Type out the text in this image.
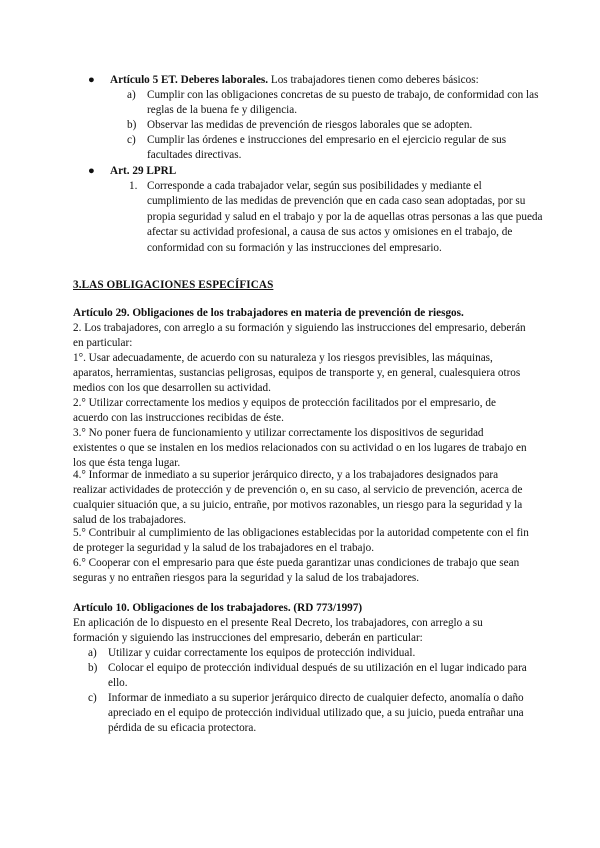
●	Artículo 5 ET. Deberes laborales. Los trabajadores tienen como deberes básicos:
a) Cumplir con las obligaciones concretas de su puesto de trabajo, de conformidad con las reglas de la buena fe y diligencia.
b) Observar las medidas de prevención de riesgos laborales que se adopten.
c) Cumplir las órdenes e instrucciones del empresario en el ejercicio regular de sus facultades directivas.
●	Art. 29 LPRL
1. Corresponde a cada trabajador velar, según sus posibilidades y mediante el cumplimiento de las medidas de prevención que en cada caso sean adoptadas, por su propia seguridad y salud en el trabajo y por la de aquellas otras personas a las que pueda afectar su actividad profesional, a causa de sus actos y omisiones en el trabajo, de conformidad con su formación y las instrucciones del empresario.
3.LAS OBLIGACIONES ESPECÍFICAS
Artículo 29. Obligaciones de los trabajadores en materia de prevención de riesgos.
2. Los trabajadores, con arreglo a su formación y siguiendo las instrucciones del empresario, deberán en particular:
1°. Usar adecuadamente, de acuerdo con su naturaleza y los riesgos previsibles, las máquinas, aparatos, herramientas, sustancias peligrosas, equipos de transporte y, en general, cualesquiera otros medios con los que desarrollen su actividad.
2.° Utilizar correctamente los medios y equipos de protección facilitados por el empresario, de acuerdo con las instrucciones recibidas de éste.
3.° No poner fuera de funcionamiento y utilizar correctamente los dispositivos de seguridad existentes o que se instalen en los medios relacionados con su actividad o en los lugares de trabajo en los que ésta tenga lugar.
4.° Informar de inmediato a su superior jerárquico directo, y a los trabajadores designados para realizar actividades de protección y de prevención o, en su caso, al servicio de prevención, acerca de cualquier situación que, a su juicio, entrañe, por motivos razonables, un riesgo para la seguridad y la salud de los trabajadores.
5.° Contribuir al cumplimiento de las obligaciones establecidas por la autoridad competente con el fin de proteger la seguridad y la salud de los trabajadores en el trabajo.
6.° Cooperar con el empresario para que éste pueda garantizar unas condiciones de trabajo que sean seguras y no entrañen riesgos para la seguridad y la salud de los trabajadores.
Artículo 10. Obligaciones de los trabajadores. (RD 773/1997)
En aplicación de lo dispuesto en el presente Real Decreto, los trabajadores, con arreglo a su formación y siguiendo las instrucciones del empresario, deberán en particular:
a) Utilizar y cuidar correctamente los equipos de protección individual.
b) Colocar el equipo de protección individual después de su utilización en el lugar indicado para ello.
c) Informar de inmediato a su superior jerárquico directo de cualquier defecto, anomalía o daño apreciado en el equipo de protección individual utilizado que, a su juicio, pueda entrañar una pérdida de su eficacia protectora.
